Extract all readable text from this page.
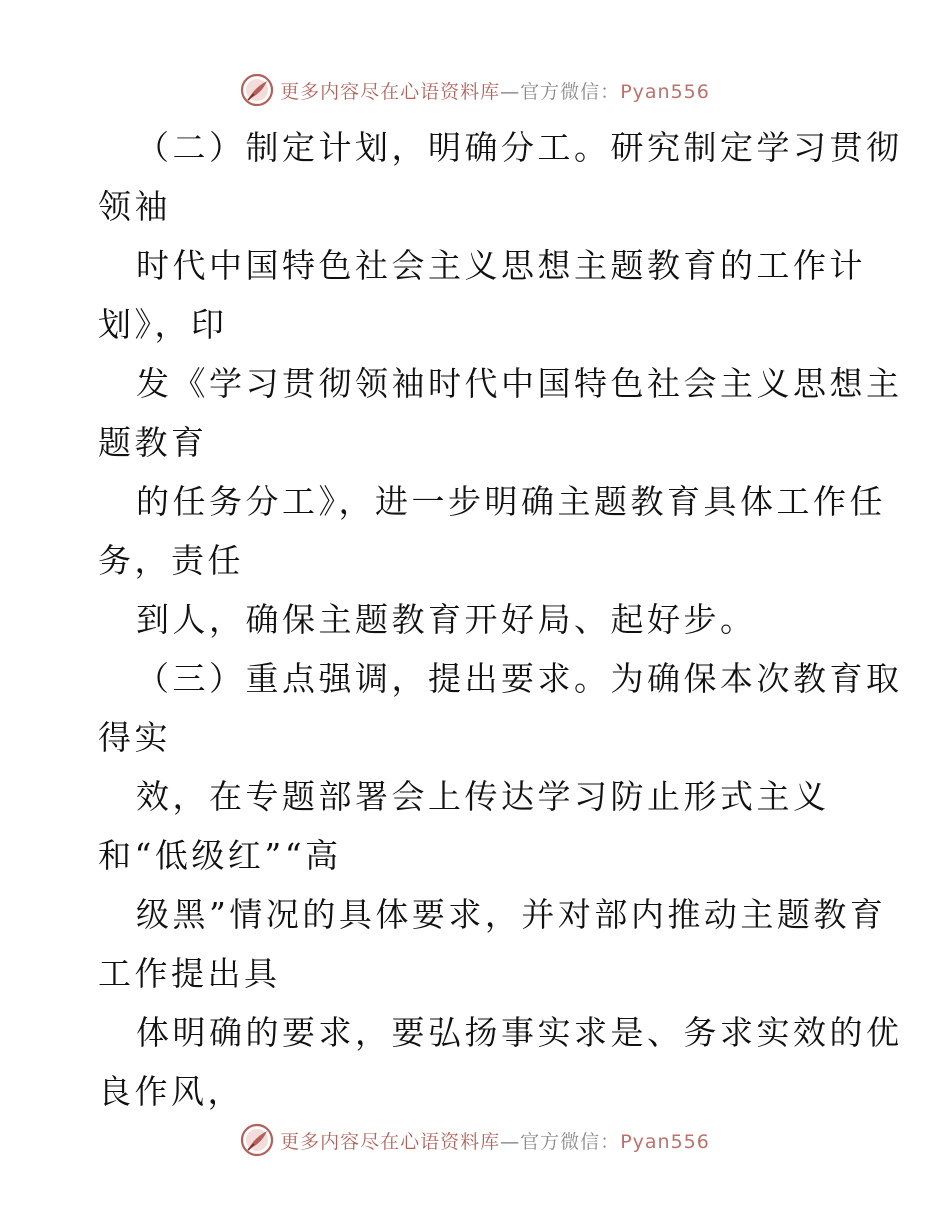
更多内容尽在心语资料库—官方微信：Pyan556
（二）制定计划，明确分工。研究制定学习贯彻
领袖
时代中国特色社会主义思想主题教育的工作计
划》，印
发《学习贯彻领袖时代中国特色社会主义思想主
题教育
的任务分工》，进一步明确主题教育具体工作任
务，责任
到人，确保主题教育开好局、起好步。
（三）重点强调，提出要求。为确保本次教育取
得实
效，在专题部署会上传达学习防止形式主义
和“低级红”“高
级黑”情况的具体要求，并对部内推动主题教育
工作提出具
体明确的要求，要弘扬事实求是、务求实效的优
良作风，
更多内容尽在心语资料库—官方微信：Pyan556
